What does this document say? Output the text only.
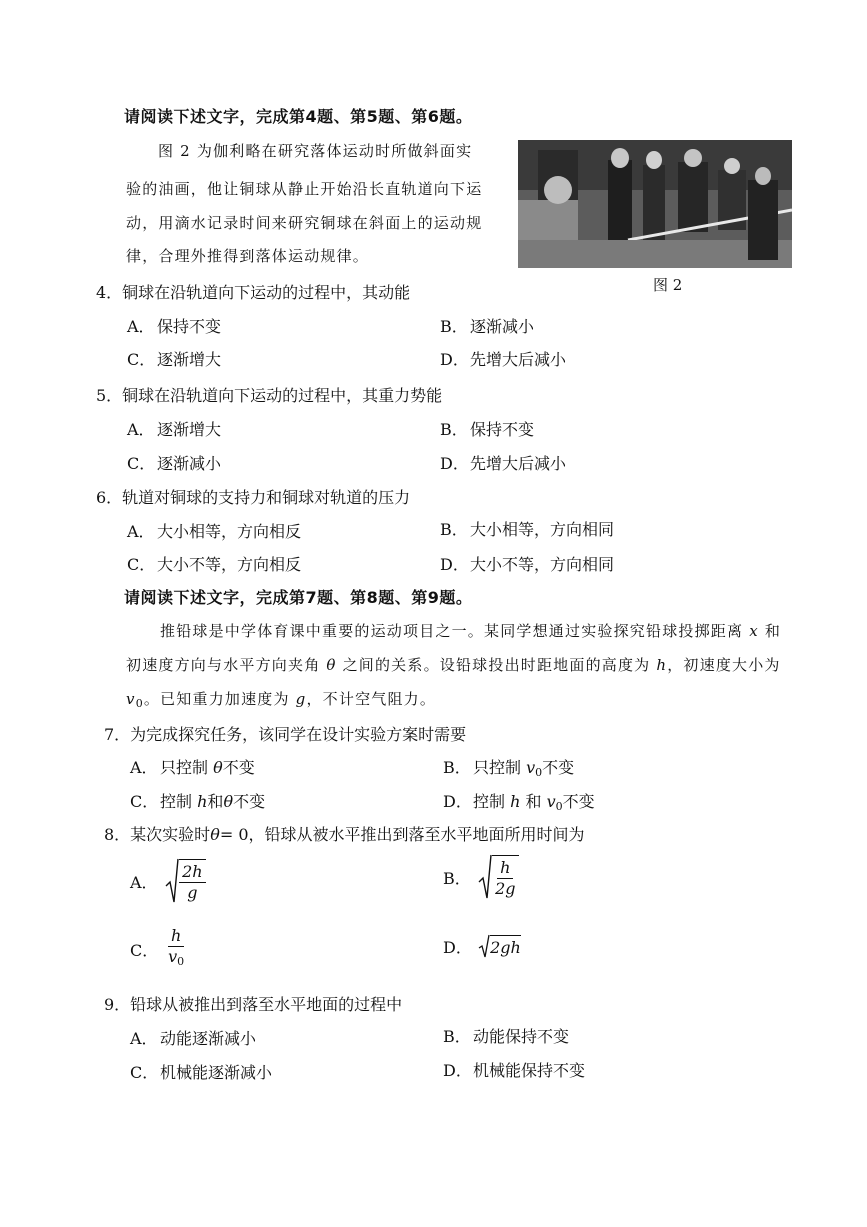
请阅读下述文字，完成第4题、第5题、第6题。
图 2 为伽利略在研究落体运动时所做斜面实
验的油画，他让铜球从静止开始沿长直轨道向下运
动，用滴水记录时间来研究铜球在斜面上的运动规
律，合理外推得到落体运动规律。
图 2
4．铜球在沿轨道向下运动的过程中，其动能
A． 保持不变	B． 逐渐减小
C． 逐渐增大	D．先增大后减小
5．铜球在沿轨道向下运动的过程中，其重力势能
A． 逐渐增大	B． 保持不变
C． 逐渐减小	D．先增大后减小
6．轨道对铜球的支持力和铜球对轨道的压力
A． 大小相等，方向相反	B． 大小相等，方向相同
C． 大小不等，方向相反	D．大小不等，方向相同
请阅读下述文字，完成第7题、第8题、第9题。
推铅球是中学体育课中重要的运动项目之一。某同学想通过实验探究铅球投掷距离 x 和
初速度方向与水平方向夹角 θ 之间的关系。设铅球投出时距地面的高度为 h，初速度大小为
$v_0$。已知重力加速度为 g，不计空气阻力。
7．为完成探究任务，该同学在设计实验方案时需要
A． 只控制 θ不变	B． 只控制 $v_0$不变
C． 控制 h和θ不变	D．控制 h 和 $v_0$不变
8．某次实验时θ= 0，铅球从被水平推出到落至水平地面所用时间为
A． $\frac{2h}{g}$	B． $\frac{h}{2g}$
C． $\frac{h}{v_0}$	D． 2gh
9．铅球从被推出到落至水平地面的过程中
A． 动能逐渐减小	B． 动能保持不变
C． 机械能逐渐减小	D．机械能保持不变
